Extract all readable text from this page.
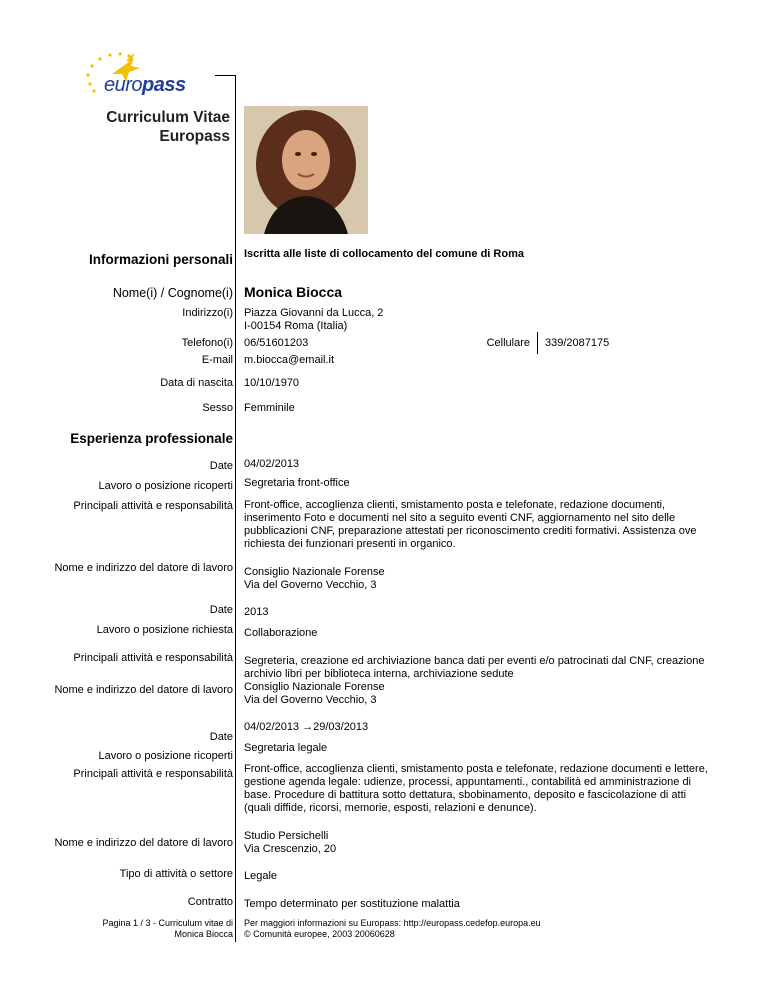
europass
Curriculum Vitae
Europass
Informazioni personali Iscritta alle liste di collocamento del comune di Roma
Nome(i) / Cognome(i) Monica Biocca
Indirizzo(i) Piazza Giovanni da Lucca, 2
I-00154 Roma (Italia)
Telefono(i) 06/51601203	Cellulare 339/2087175
E-mail m.biocca@email.it
Data di nascita 10/10/1970
Sesso Femminile
Esperienza professionale
Date 04/02/2013
Lavoro o posizione ricoperti Segretaria front-office
Principali attività e responsabilità Front-office, accoglienza clienti, smistamento posta e telefonate, redazione documenti, inserimento Foto e documenti nel sito a seguito eventi CNF, aggiornamento nel sito delle pubblicazioni CNF, preparazione attestati per riconoscimento crediti formativi. Assistenza ove richiesta dei funzionari presenti in organico.
Nome e indirizzo del datore di lavoro Consiglio Nazionale Forense
Via del Governo Vecchio, 3
Date 2013
Lavoro o posizione richiesta Collaborazione
Principali attività e responsabilità Segreteria, creazione ed archiviazione banca dati per eventi e/o patrocinati dal CNF, creazione archivio libri per biblioteca interna, archiviazione sedute
Nome e indirizzo del datore di lavoro Consiglio Nazionale Forense
Via del Governo Vecchio, 3
04/02/2013 →29/03/2013
Date
Segretaria legale
Lavoro o posizione ricoperti
Principali attività e responsabilità Front-office, accoglienza clienti, smistamento posta e telefonate, redazione documenti e lettere, gestione agenda legale: udienze, processi, appuntamenti., contabilità ed amministrazione di base. Procedure di battitura sotto dettatura, sbobinamento, deposito e fascicolazione di atti (quali diffide, ricorsi, memorie, esposti, relazioni e denunce).
Nome e indirizzo del datore di lavoro
Studio Persichelli
Via Crescenzio, 20
Tipo di attività o settore Legale
Contratto Tempo determinato per sostituzione malattia
Pagina 1 / 3 - Curriculum vitae di
Monica Biocca
Per maggiori informazioni su Europass: http://europass.cedefop.europa.eu
© Comunità europee, 2003 20060628
